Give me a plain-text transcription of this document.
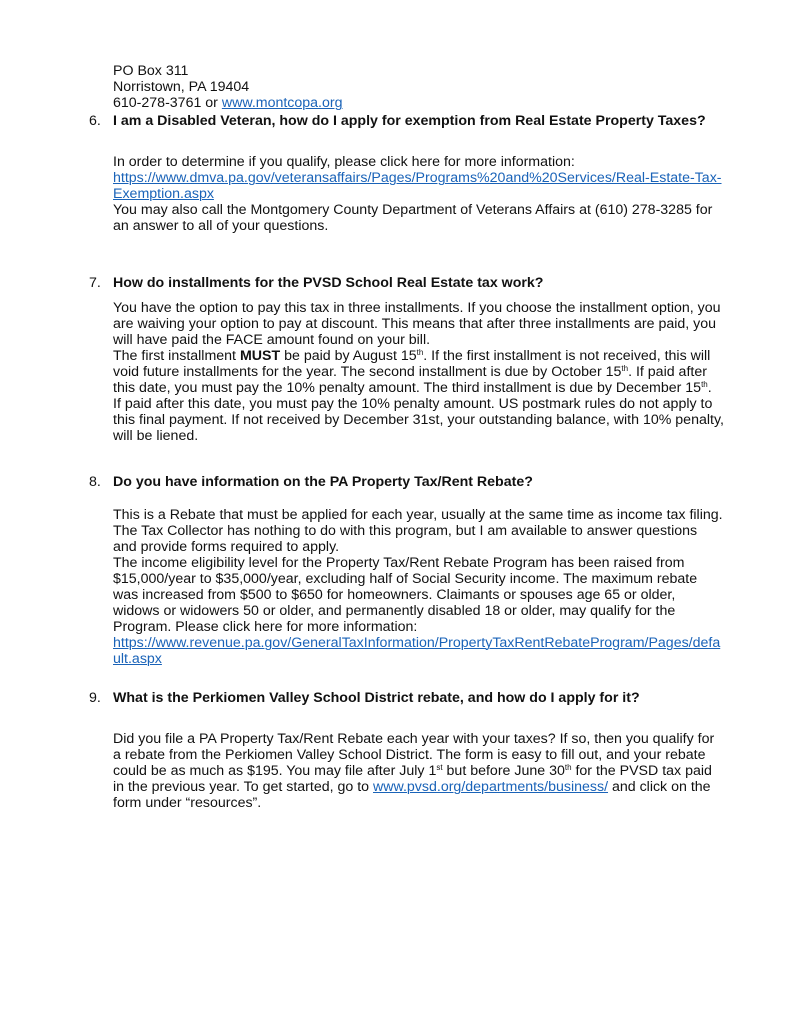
PO Box 311
Norristown, PA 19404
610-278-3761 or www.montcopa.org
6. I am a Disabled Veteran, how do I apply for exemption from Real Estate Property Taxes?
In order to determine if you qualify, please click here for more information:
https://www.dmva.pa.gov/veteransaffairs/Pages/Programs%20and%20Services/Real-Estate-Tax-
Exemption.aspx
You may also call the Montgomery County Department of Veterans Affairs at (610) 278-3285 for
an answer to all of your questions.
7. How do installments for the PVSD School Real Estate tax work?
You have the option to pay this tax in three installments. If you choose the installment option, you
are waiving your option to pay at discount. This means that after three installments are paid, you
will have paid the FACE amount found on your bill.
The first installment MUST be paid by August 15th. If the first installment is not received, this will
void future installments for the year. The second installment is due by October 15th. If paid after
this date, you must pay the 10% penalty amount. The third installment is due by December 15th.
If paid after this date, you must pay the 10% penalty amount. US postmark rules do not apply to
this final payment. If not received by December 31st, your outstanding balance, with 10% penalty,
will be liened.
8. Do you have information on the PA Property Tax/Rent Rebate?
This is a Rebate that must be applied for each year, usually at the same time as income tax filing.
The Tax Collector has nothing to do with this program, but I am available to answer questions
and provide forms required to apply.
The income eligibility level for the Property Tax/Rent Rebate Program has been raised from
$15,000/year to $35,000/year, excluding half of Social Security income. The maximum rebate
was increased from $500 to $650 for homeowners. Claimants or spouses age 65 or older,
widows or widowers 50 or older, and permanently disabled 18 or older, may qualify for the
Program. Please click here for more information:
https://www.revenue.pa.gov/GeneralTaxInformation/PropertyTaxRentRebateProgram/Pages/defa
ult.aspx
9. What is the Perkiomen Valley School District rebate, and how do I apply for it?
Did you file a PA Property Tax/Rent Rebate each year with your taxes? If so, then you qualify for
a rebate from the Perkiomen Valley School District. The form is easy to fill out, and your rebate
could be as much as $195. You may file after July 1st but before June 30th for the PVSD tax paid
in the previous year. To get started, go to www.pvsd.org/departments/business/ and click on the
form under “resources”.
